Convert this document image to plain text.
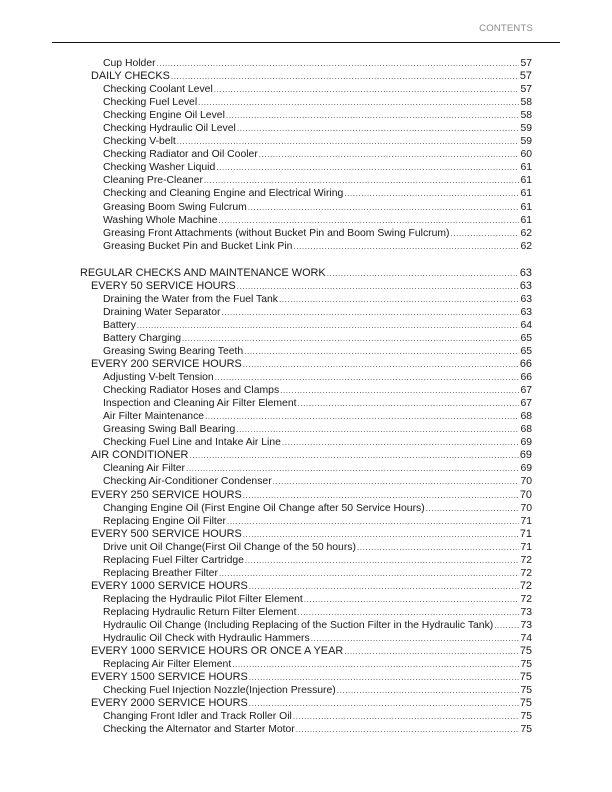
CONTENTS
Cup Holder .....	57
DAILY CHECKS .....	57
Checking Coolant Level .....	57
Checking Fuel Level .....	58
Checking Engine Oil Level .....	58
Checking Hydraulic Oil Level .....	59
Checking V-belt .....	59
Checking Radiator and Oil Cooler .....	60
Checking Washer Liquid .....	61
Cleaning Pre-Cleaner .....	61
Checking and Cleaning Engine and Electrical Wiring .....	61
Greasing Boom Swing Fulcrum .....	61
Washing Whole Machine .....	61
Greasing Front Attachments (without Bucket Pin and Boom Swing Fulcrum) .....	62
Greasing Bucket Pin and Bucket Link Pin .....	62
REGULAR CHECKS AND MAINTENANCE WORK .....	63
EVERY 50 SERVICE HOURS .....	63
Draining the Water from the Fuel Tank .....	63
Draining Water Separator .....	63
Battery .....	64
Battery Charging .....	65
Greasing Swing Bearing Teeth .....	65
EVERY 200 SERVICE HOURS .....	66
Adjusting V-belt Tension .....	66
Checking Radiator Hoses and Clamps .....	67
Inspection and Cleaning Air Filter Element .....	67
Air Filter Maintenance .....	68
Greasing Swing Ball Bearing .....	68
Checking Fuel Line and Intake Air Line .....	69
AIR CONDITIONER .....	69
Cleaning Air Filter .....	69
Checking Air-Conditioner Condenser .....	70
EVERY 250 SERVICE HOURS .....	70
Changing Engine Oil (First Engine Oil Change after 50 Service Hours) .....	70
Replacing Engine Oil Filter .....	71
EVERY 500 SERVICE HOURS .....	71
Drive unit Oil Change(First Oil Change of the 50 hours) .....	71
Replacing Fuel Filter Cartridge .....	72
Replacing Breather Filter .....	72
EVERY 1000 SERVICE HOURS .....	72
Replacing the Hydraulic Pilot Filter Element .....	72
Replacing Hydraulic Return Filter Element .....	73
Hydraulic Oil Change (Including Replacing of the Suction Filter in the Hydraulic Tank) .....	73
Hydraulic Oil Check with Hydraulic Hammers .....	74
EVERY 1000 SERVICE HOURS OR ONCE A YEAR .....	75
Replacing Air Filter Element .....	75
EVERY 1500 SERVICE HOURS .....	75
Checking Fuel Injection Nozzle(Injection Pressure) .....	75
EVERY 2000 SERVICE HOURS .....	75
Changing Front Idler and Track Roller Oil .....	75
Checking the Alternator and Starter Motor .....	75
